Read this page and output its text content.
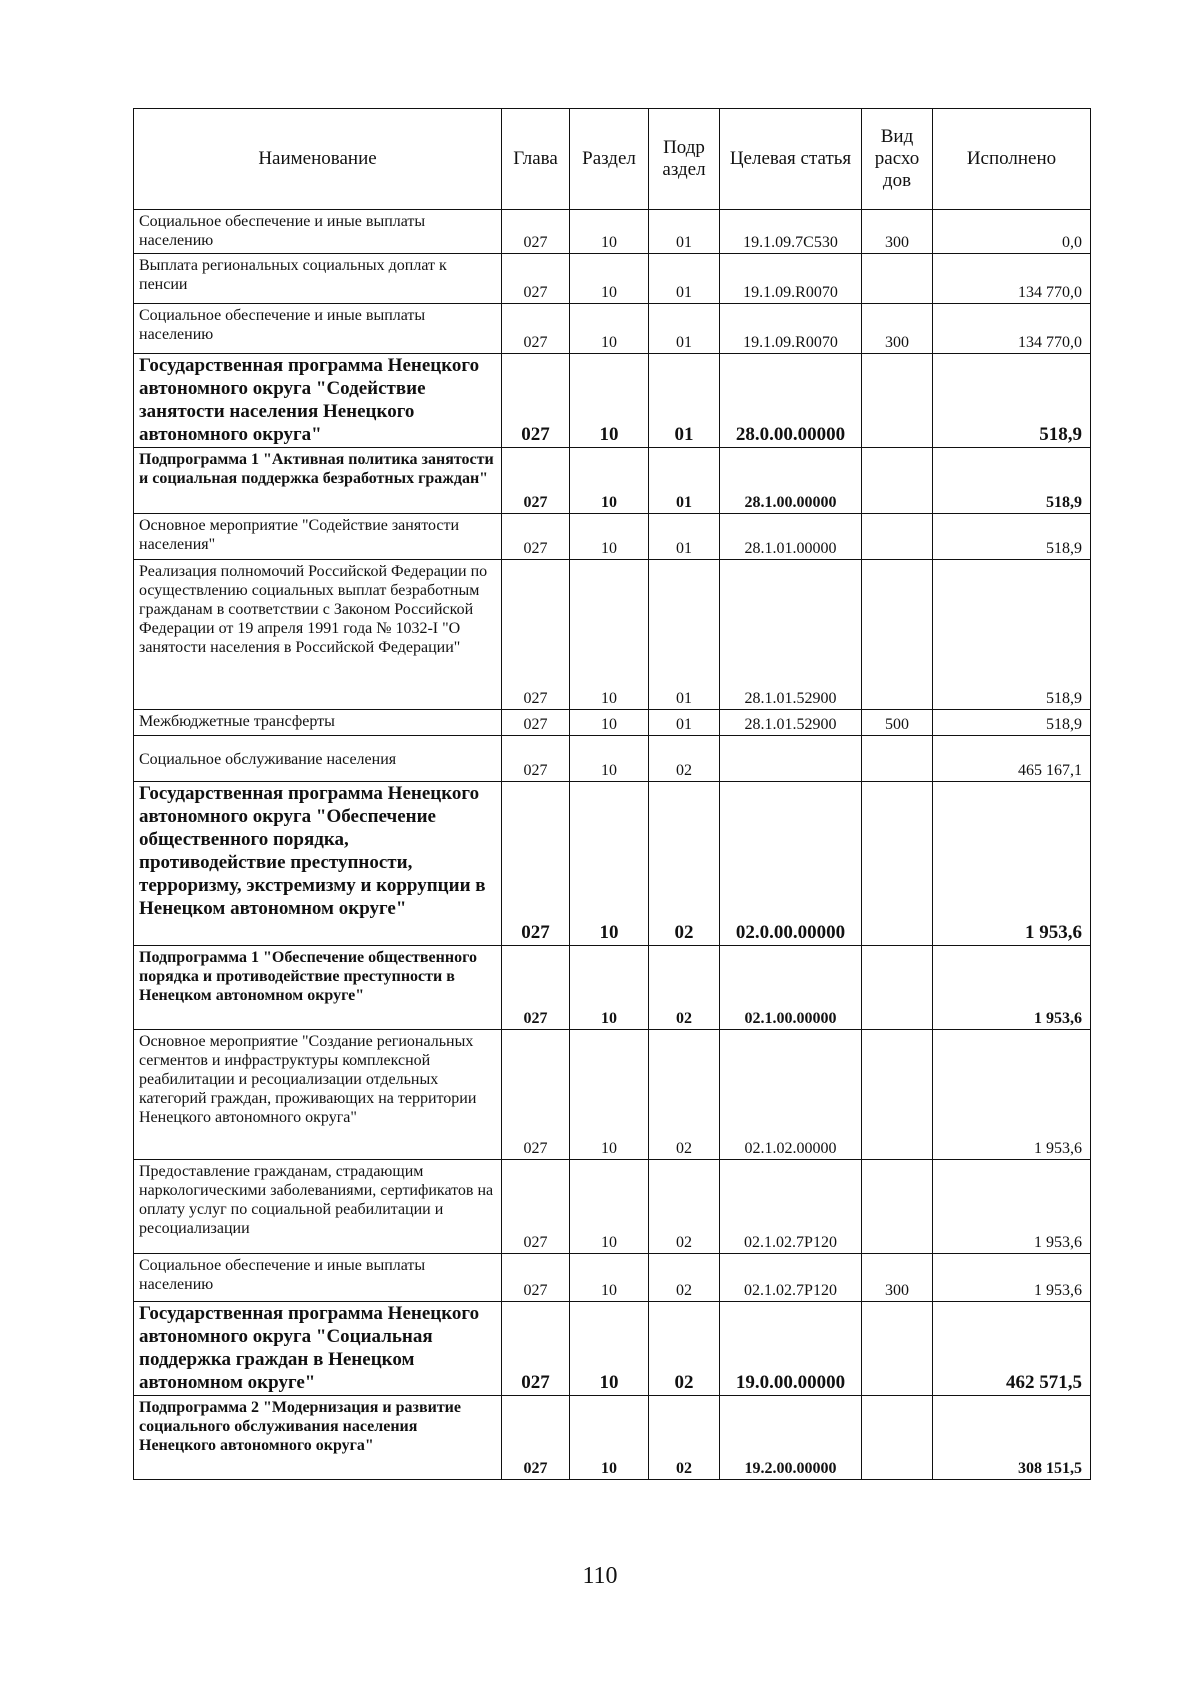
Наименование	Глава	Раздел	Подр аздел	Целевая статья	Вид расхо дов	Исполнено
Социальное обеспечение и иные выплаты населению	027	10	01	19.1.09.7C530	300	0,0
Выплата региональных социальных доплат к пенсии	027	10	01	19.1.09.R0070		134 770,0
Социальное обеспечение и иные выплаты населению	027	10	01	19.1.09.R0070	300	134 770,0
Государственная программа Ненецкого автономного округа "Содействие занятости населения Ненецкого автономного округа"	027	10	01	28.0.00.00000		518,9
Подпрограмма 1 "Активная политика занятости и социальная поддержка безработных граждан"	027	10	01	28.1.00.00000		518,9
Основное мероприятие "Содействие занятости населения"	027	10	01	28.1.01.00000		518,9
Реализация полномочий Российской Федерации по осуществлению социальных выплат безработным гражданам в соответствии с Законом Российской Федерации от 19 апреля 1991 года № 1032-I "О занятости населения в Российской Федерации"	027	10	01	28.1.01.52900		518,9
Межбюджетные трансферты	027	10	01	28.1.01.52900	500	518,9
Социальное обслуживание населения	027	10	02			465 167,1
Государственная программа Ненецкого автономного округа "Обеспечение общественного порядка, противодействие преступности, терроризму, экстремизму и коррупции в Ненецком автономном округе"	027	10	02	02.0.00.00000		1 953,6
Подпрограмма 1 "Обеспечение общественного порядка и противодействие преступности в Ненецком автономном округе"	027	10	02	02.1.00.00000		1 953,6
Основное мероприятие "Создание региональных сегментов и инфраструктуры комплексной реабилитации и ресоциализации отдельных категорий граждан, проживающих на территории Ненецкого автономного округа"	027	10	02	02.1.02.00000		1 953,6
Предоставление гражданам, страдающим наркологическими заболеваниями, сертификатов на оплату услуг по социальной реабилитации и ресоциализации	027	10	02	02.1.02.7P120		1 953,6
Социальное обеспечение и иные выплаты населению	027	10	02	02.1.02.7P120	300	1 953,6
Государственная программа Ненецкого автономного округа "Социальная поддержка граждан в Ненецком автономном округе"	027	10	02	19.0.00.00000		462 571,5
Подпрограмма 2 "Модернизация и развитие социального обслуживания населения Ненецкого автономного округа"	027	10	02	19.2.00.00000		308 151,5
110
